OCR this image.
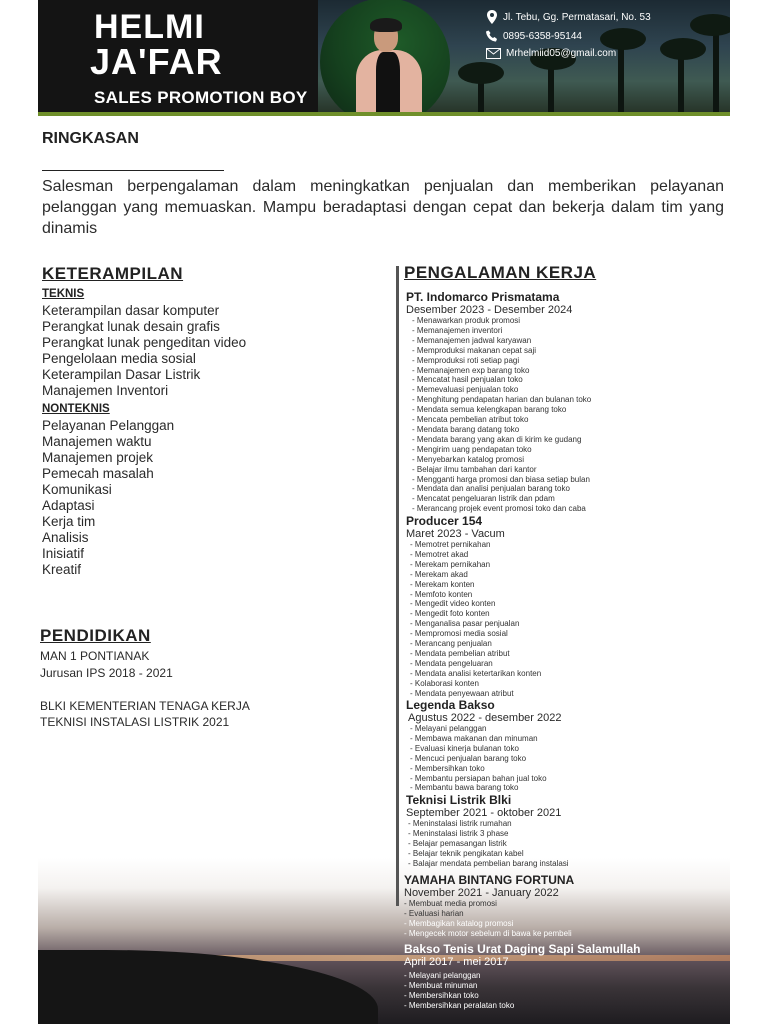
HELMI
JA'FAR
SALES PROMOTION BOY
Jl. Tebu, Gg. Permatasari, No. 53
0895-6358-95144
Mrhelmiid05@gmail.com
RINGKASAN
Salesman berpengalaman dalam meningkatkan penjualan dan memberikan pelayanan pelanggan yang memuaskan. Mampu beradaptasi dengan cepat dan bekerja dalam tim yang dinamis
KETERAMPILAN
TEKNIS
Keterampilan dasar komputer
Perangkat lunak desain grafis
Perangkat lunak pengeditan video
Pengelolaan media sosial
Keterampilan Dasar Listrik
Manajemen Inventori
NONTEKNIS
Pelayanan Pelanggan
Manajemen waktu
Manajemen projek
Pemecah masalah
Komunikasi
Adaptasi
Kerja tim
Analisis
Inisiatif
Kreatif
PENDIDIKAN
MAN 1 PONTIANAK
Jurusan IPS 2018 - 2021
BLKI KEMENTERIAN TENAGA KERJA
TEKNISI INSTALASI LISTRIK 2021
PENGALAMAN KERJA
PT. Indomarco Prismatama
Desember 2023 - Desember 2024
- Menawarkan produk promosi
- Memanajemen inventori
- Memanajemen jadwal karyawan
- Memproduksi makanan cepat saji
- Memproduksi roti setiap pagi
- Memanajemen exp barang toko
- Mencatat hasil penjualan toko
- Memevaluasi penjualan toko
- Menghitung pendapatan harian dan bulanan toko
- Mendata semua kelengkapan barang toko
- Mencata pembelian atribut toko
- Mendata barang datang toko
- Mendata barang yang akan di kirim ke gudang
- Mengirim uang pendapatan toko
- Menyebarkan katalog promosi
- Belajar ilmu tambahan dari kantor
- Mengganti harga promosi dan biasa setiap bulan
- Mendata dan analisi penjualan barang toko
- Mencatat pengeluaran listrik dan pdam
- Merancang projek event promosi toko dan caba
Producer 154
Maret 2023 - Vacum
- Memotret pernikahan
- Memotret akad
- Merekam pernikahan
- Merekam akad
- Merekam konten
- Memfoto konten
- Mengedit video konten
- Mengedit foto konten
- Menganalisa pasar penjualan
- Mempromosi media sosial
- Merancang penjualan
- Mendata pembelian atribut
- Mendata pengeluaran
- Mendata analisi ketertarikan konten
- Kolaborasi konten
- Mendata penyewaan atribut
Legenda Bakso
Agustus 2022 - desember 2022
- Melayani pelanggan
- Membawa makanan dan minuman
- Evaluasi kinerja bulanan toko
- Mencuci penjualan barang toko
- Membersihkan toko
- Membantu persiapan bahan jual toko
- Membantu bawa barang toko
Teknisi Listrik Blki
September 2021 - oktober 2021
- Meninstalasi listrik rumahan
- Meninstalasi listrik 3 phase
- Belajar pemasangan listrik
- Belajar teknik pengikatan kabel
- Balajar mendata pembelian barang instalasi
YAMAHA BINTANG FORTUNA
November 2021 - January 2022
- Membuat media promosi
- Evaluasi harian
- Membagikan katalog promosi
- Mengecek motor sebelum di bawa ke pembeli
Bakso Tenis Urat Daging Sapi Salamullah
April 2017 - mei 2017
- Melayani pelanggan
- Membuat minuman
- Membersihkan toko
- Membersihkan peralatan toko
